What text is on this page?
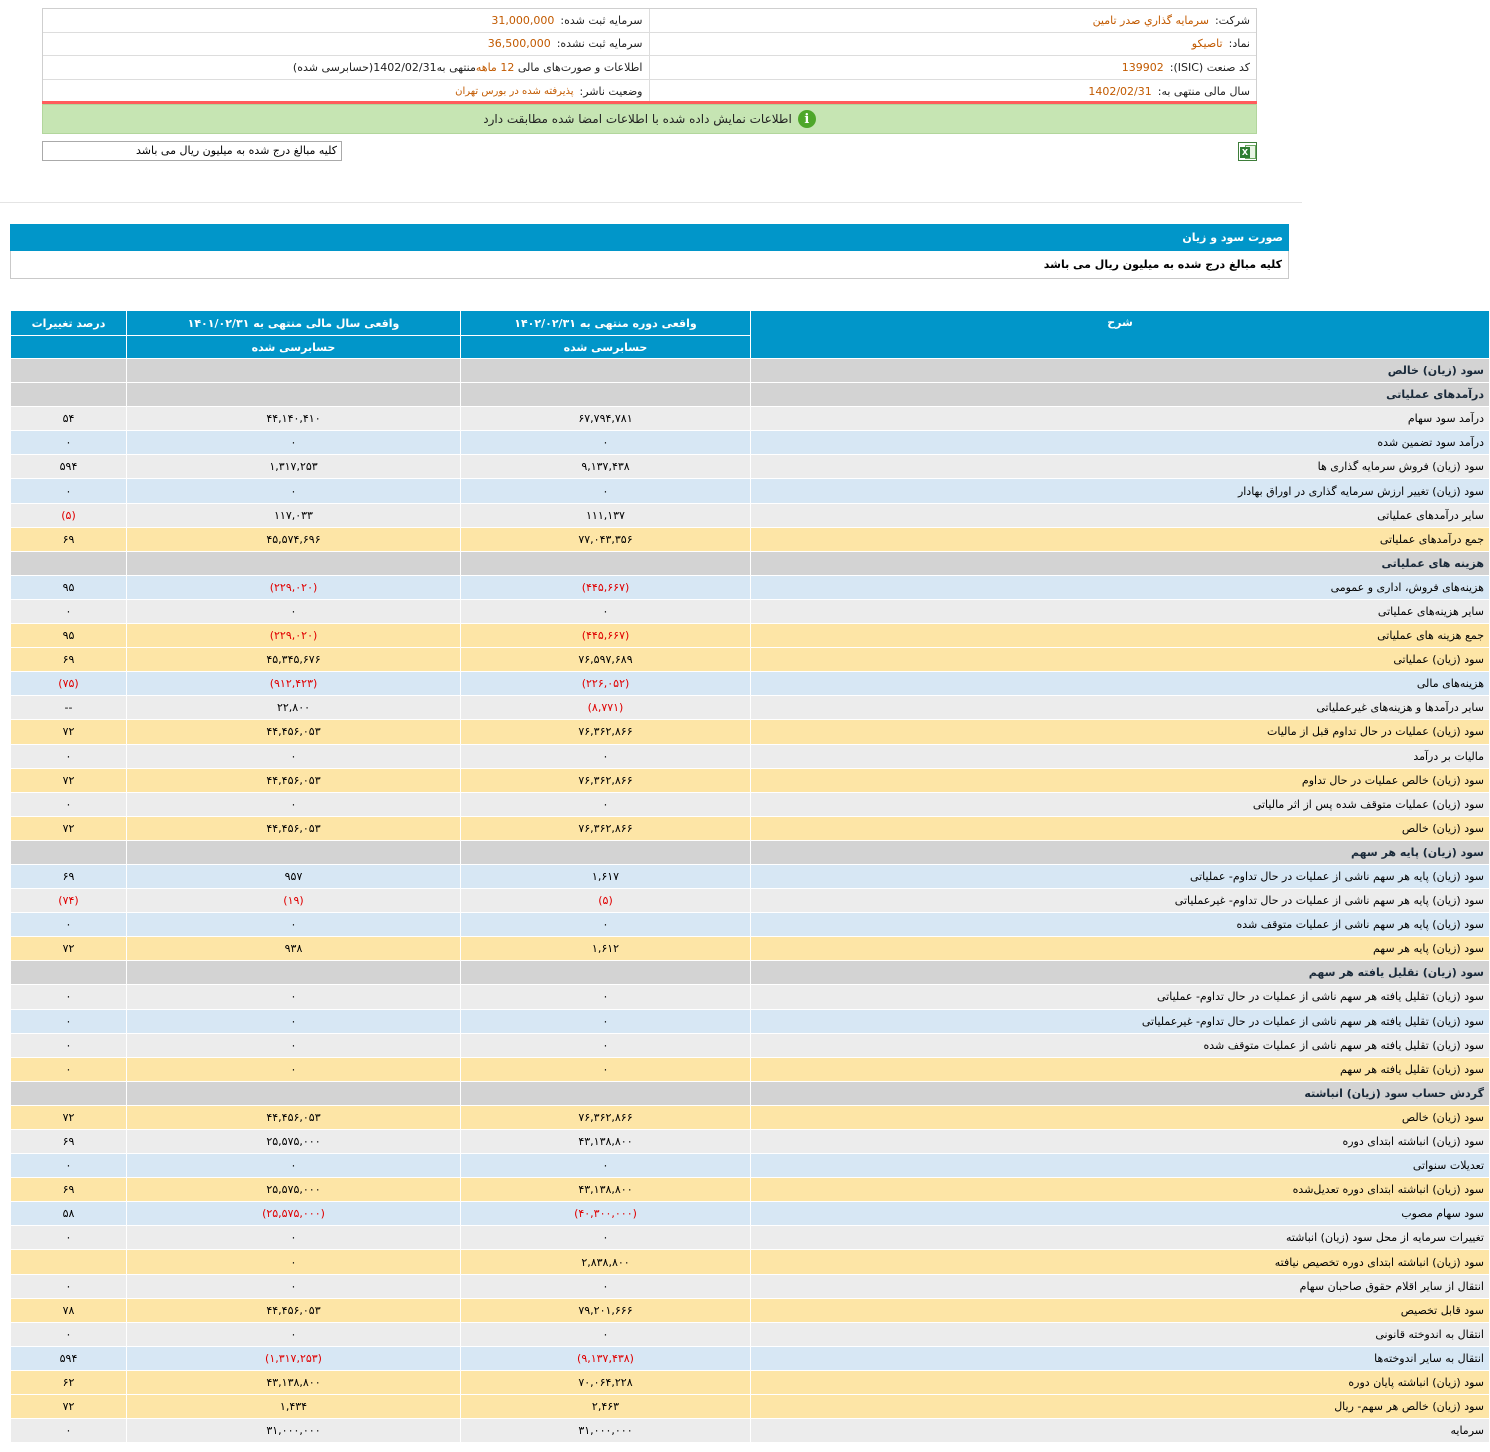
شرکت:
سرمايه گذاري صدر تامين
سرمایه ثبت شده:
31,000,000
نماد:
تاصیکو
سرمایه ثبت نشده:
36,500,000
کد صنعت (ISIC):
139902
اطلاعات و صورت‌های مالی

12 ماهه
منتهی به
1402/02/31
(حسابرسی شده)
سال مالی منتهی به:
1402/02/31
وضعیت ناشر:
پذیرفته شده در بورس تهران
i
اطلاعات نمایش داده شده با اطلاعات امضا شده مطابقت دارد
کلیه مبالغ درج شده به میلیون ریال می باشد	X
صورت سود و زیان
کلیه مبالغ درج شده به میلیون ریال می باشد
شرح	واقعی دوره منتهی به ۱۴۰۲/۰۲/۳۱	واقعی سال مالی منتهی به ۱۴۰۱/۰۲/۳۱	درصد تغییرات
	حسابرسی شده	حسابرسی شده	
سود (زیان) خالص			
درآمدهای عملیاتی			
درآمد سود سهام	۶۷,۷۹۴,۷۸۱	۴۴,۱۴۰,۴۱۰	۵۴
درآمد سود تضمین شده	۰	۰	۰
سود (زیان) فروش سرمایه گذاری ها	۹,۱۳۷,۴۳۸	۱,۳۱۷,۲۵۳	۵۹۴
سود (زیان) تغییر ارزش سرمایه گذاری در اوراق بهادار	۰	۰	۰
سایر درآمدهای عملیاتی	۱۱۱,۱۳۷	۱۱۷,۰۳۳	(۵)
جمع درآمدهای عملیاتی	۷۷,۰۴۳,۳۵۶	۴۵,۵۷۴,۶۹۶	۶۹
هزینه های عملیاتی			
هزینه‌های فروش، اداری و عمومی	(۴۴۵,۶۶۷)	(۲۲۹,۰۲۰)	۹۵
سایر هزینه‌های عملیاتی	۰	۰	۰
جمع هزینه های عملیاتی	(۴۴۵,۶۶۷)	(۲۲۹,۰۲۰)	۹۵
سود (زیان) عملیاتی	۷۶,۵۹۷,۶۸۹	۴۵,۳۴۵,۶۷۶	۶۹
هزینه‌های مالی	(۲۲۶,۰۵۲)	(۹۱۲,۴۲۳)	(۷۵)
سایر درآمدها و هزینه‌های غیرعملیاتی	(۸,۷۷۱)	۲۲,۸۰۰	--
سود (زیان) عملیات در حال تداوم قبل از مالیات	۷۶,۳۶۲,۸۶۶	۴۴,۴۵۶,۰۵۳	۷۲
مالیات بر درآمد	۰	۰	۰
سود (زیان) خالص عملیات در حال تداوم	۷۶,۳۶۲,۸۶۶	۴۴,۴۵۶,۰۵۳	۷۲
سود (زیان) عملیات متوقف شده پس از اثر مالیاتی	۰	۰	۰
سود (زیان) خالص	۷۶,۳۶۲,۸۶۶	۴۴,۴۵۶,۰۵۳	۷۲
سود (زیان) پایه هر سهم			
سود (زیان) پایه هر سهم ناشی از عملیات در حال تداوم- عملیاتی	۱,۶۱۷	۹۵۷	۶۹
سود (زیان) پایه هر سهم ناشی از عملیات در حال تداوم- غیرعملیاتی	(۵)	(۱۹)	(۷۴)
سود (زیان) پایه هر سهم ناشی از عملیات متوقف شده	۰	۰	۰
سود (زیان) پایه هر سهم	۱,۶۱۲	۹۳۸	۷۲
سود (زیان) تقلیل یافته هر سهم			
سود (زیان) تقلیل یافته هر سهم ناشی از عملیات در حال تداوم- عملیاتی	۰	۰	۰
سود (زیان) تقلیل یافته هر سهم ناشی از عملیات در حال تداوم- غیرعملیاتی	۰	۰	۰
سود (زیان) تقلیل یافته هر سهم ناشی از عملیات متوقف شده	۰	۰	۰
سود (زیان) تقلیل یافته هر سهم	۰	۰	۰
گردش حساب سود (زیان) انباشته			
سود (زیان) خالص	۷۶,۳۶۲,۸۶۶	۴۴,۴۵۶,۰۵۳	۷۲
سود (زیان) انباشته ابتدای دوره	۴۳,۱۳۸,۸۰۰	۲۵,۵۷۵,۰۰۰	۶۹
تعدیلات سنواتی	۰	۰	۰
سود (زیان) انباشته ابتدای دوره تعدیل‌شده	۴۳,۱۳۸,۸۰۰	۲۵,۵۷۵,۰۰۰	۶۹
سود سهام مصوب	(۴۰,۳۰۰,۰۰۰)	(۲۵,۵۷۵,۰۰۰)	۵۸
تغییرات سرمایه از محل سود (زیان) انباشته	۰	۰	۰
سود (زیان) انباشته ابتدای دوره تخصیص نیافته	۲,۸۳۸,۸۰۰	۰	
انتقال از سایر اقلام حقوق صاحبان سهام	۰	۰	۰
سود قابل تخصیص	۷۹,۲۰۱,۶۶۶	۴۴,۴۵۶,۰۵۳	۷۸
انتقال به اندوخته قانونی	۰	۰	۰
انتقال به سایر اندوخته‌ها	(۹,۱۳۷,۴۳۸)	(۱,۳۱۷,۲۵۳)	۵۹۴
سود (زیان) انباشته پایان دوره	۷۰,۰۶۴,۲۲۸	۴۳,۱۳۸,۸۰۰	۶۲
سود (زیان) خالص هر سهم- ریال	۲,۴۶۳	۱,۴۳۴	۷۲
سرمایه	۳۱,۰۰۰,۰۰۰	۳۱,۰۰۰,۰۰۰	۰
